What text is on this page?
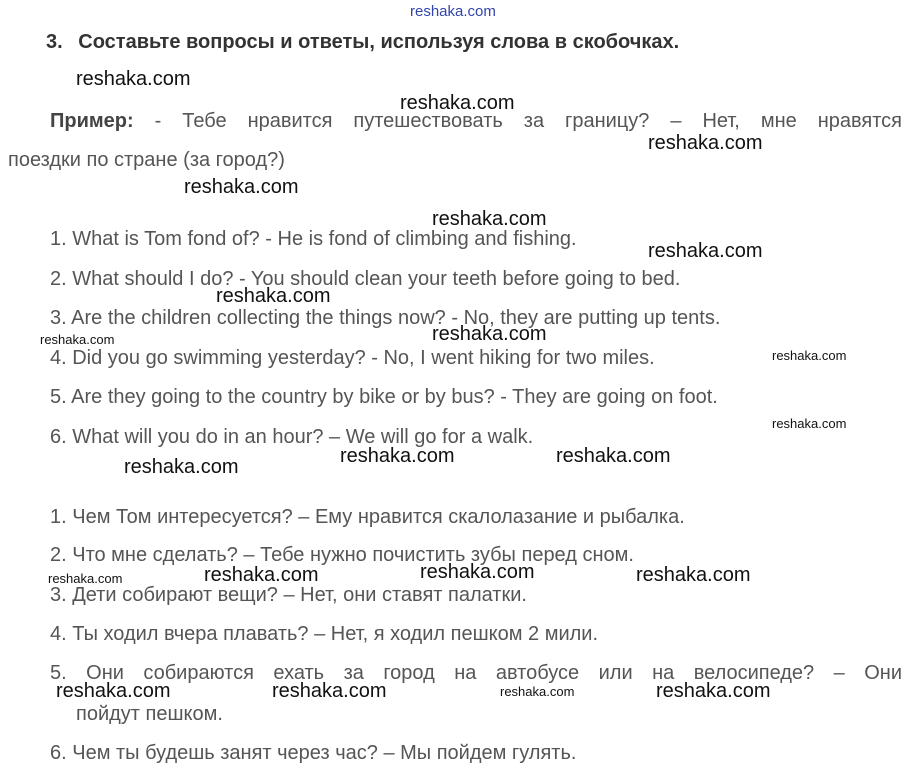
reshaka.com
3. Составьте вопросы и ответы, используя слова в скобочках.
reshaka.com
Пример: - Тебе нравится путешествовать за границу? – Нет, мне нравятся
поездки по стране (за город?)
reshaka.com
reshaka.com
reshaka.com
1. What is Tom fond of? - He is fond of climbing and fishing.
2. What should I do? - You should clean your teeth before going to bed.
3. Are the children collecting the things now? - No, they are putting up tents.
4. Did you go swimming yesterday? - No, I went hiking for two miles.
5. Are they going to the country by bike or by bus? - They are going on foot.
6. What will you do in an hour? – We will go for a walk.
reshaka.com
reshaka.com
reshaka.com
reshaka.com	reshaka.com
reshaka.com
reshaka.com
reshaka.com	reshaka.com	reshaka.com
1. Чем Том интересуется? – Ему нравится скалолазание и рыбалка.
2. Что мне сделать? – Тебе нужно почистить зубы перед сном.
3. Дети собирают вещи? – Нет, они ставят палатки.
4. Ты ходил вчера плавать? – Нет, я ходил пешком 2 мили.
5. Они собираются ехать за город на автобусе или на велосипеде? – Они
пойдут пешком.
6. Чем ты будешь занят через час? – Мы пойдем гулять.
reshaka.com	reshaka.com	reshaka.com	reshaka.com
reshaka.com	reshaka.com	reshaka.com	reshaka.com
